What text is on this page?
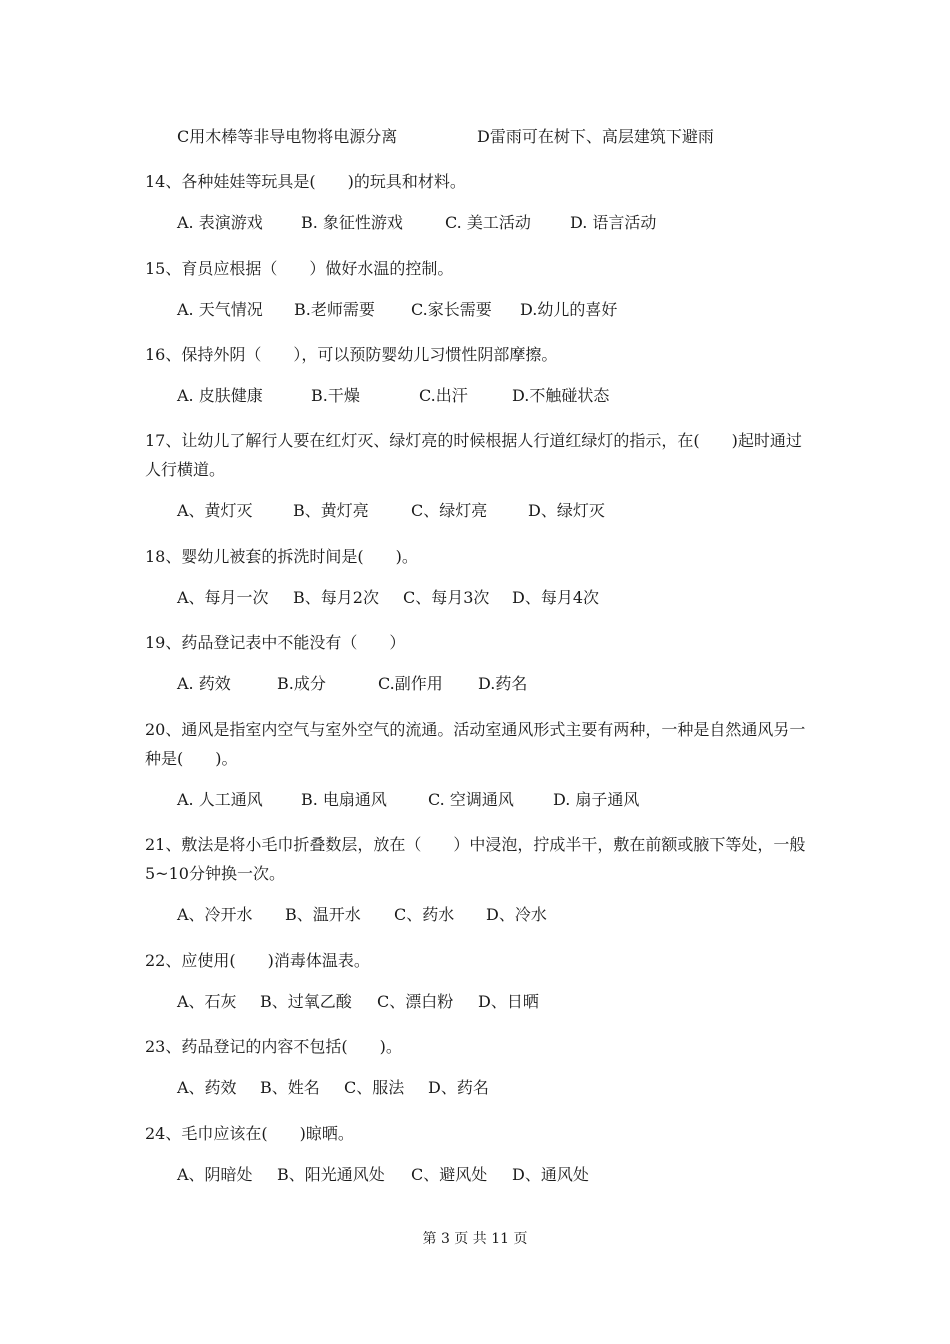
C用木棒等非导电物将电源分离	D雷雨可在树下、高层建筑下避雨
14、各种娃娃等玩具是(　　)的玩具和材料。
A. 表演游戏 B. 象征性游戏	C. 美工活动 D. 语言活动
15、育员应根据（　　）做好水温的控制。
A. 天气情况 B.老师需要 C.家长需要 D.幼儿的喜好
16、保持外阴（　　），可以预防婴幼儿习惯性阴部摩擦。
A. 皮肤健康	B.干燥	C.出汗	D.不触碰状态
17、让幼儿了解行人要在红灯灭、绿灯亮的时候根据人行道红绿灯的指示，在(　　)起时通过人行横道。
A、黄灯灭	B、黄灯亮	C、绿灯亮	D、绿灯灭
18、婴幼儿被套的拆洗时间是(　　)。
A、每月一次 B、每月2次 C、每月3次 D、每月4次
19、药品登记表中不能没有（　　）
A. 药效	B.成分	C.副作用 D.药名
20、通风是指室内空气与室外空气的流通。活动室通风形式主要有两种，一种是自然通风另一种是(　　)。
A. 人工通风 B. 电扇通风	C. 空调通风 D. 扇子通风
21、敷法是将小毛巾折叠数层，放在（　　）中浸泡，拧成半干，敷在前额或腋下等处，一般5~10分钟换一次。
A、冷开水 B、温开水 C、药水 D、冷水
22、应使用(　　)消毒体温表。
A、石灰 B、过氧乙酸 C、漂白粉 D、日晒
23、药品登记的内容不包括(　　)。
A、药效 B、姓名 C、服法 D、药名
24、毛巾应该在(　　)晾晒。
A、阴暗处 B、阳光通风处 C、避风处 D、通风处
第 3 页 共 11 页
